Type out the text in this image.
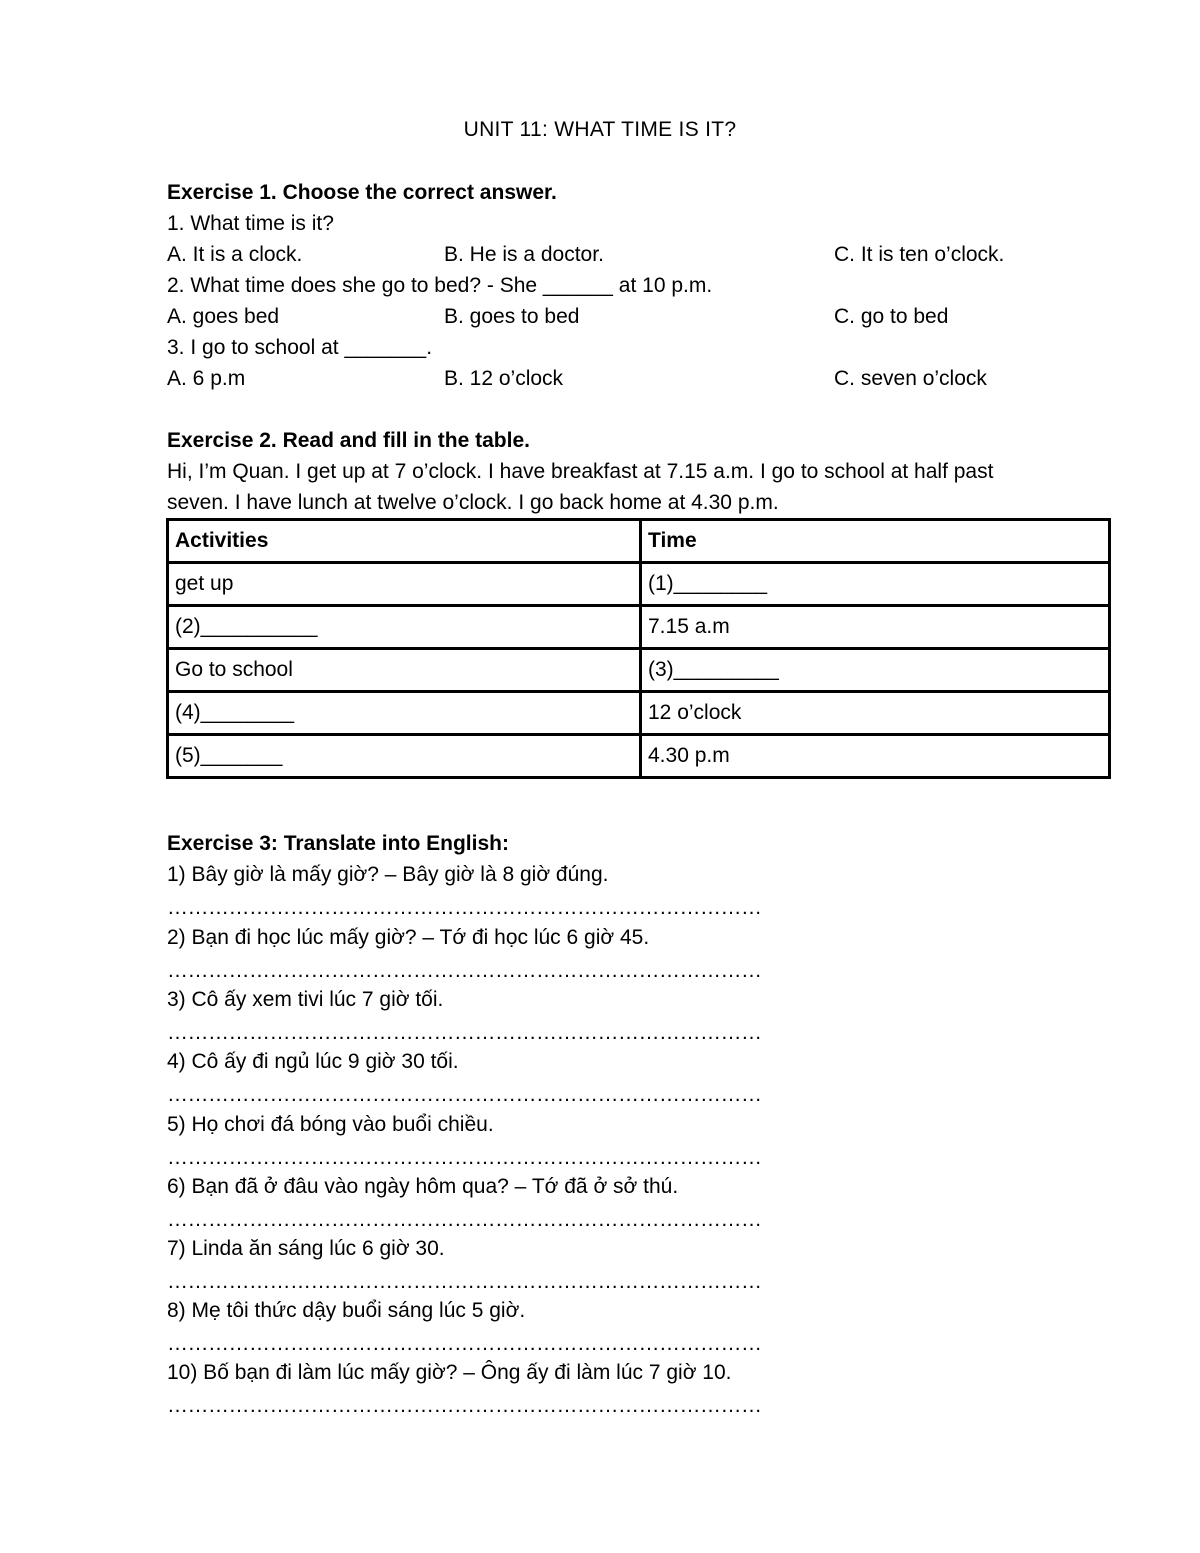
UNIT 11: WHAT TIME IS IT?
Exercise 1. Choose the correct answer.
1. What time is it?
A. It is a clock.	B. He is a doctor.	C. It is ten o’clock.
2. What time does she go to bed? - She ______ at 10 p.m.
A. goes bed	B. goes to bed	C. go to bed
3. I go to school at _______.
A. 6 p.m	B. 12 o’clock	C. seven o’clock
Exercise 2. Read and fill in the table.
Hi, I’m Quan. I get up at 7 o’clock. I have breakfast at 7.15 a.m. I go to school at half past
seven. I have lunch at twelve o’clock. I go back home at 4.30 p.m.
Activities	Time
get up	(1)________
(2)__________	7.15 a.m
Go to school	(3)_________
(4)________	12 o’clock
(5)_______	4.30 p.m
Exercise 3: Translate into English:
1) Bây giờ là mấy giờ? – Bây giờ là 8 giờ đúng.
……………………………………………………………………………
2) Bạn đi học lúc mấy giờ? – Tớ đi học lúc 6 giờ 45.
……………………………………………………………………………
3) Cô ấy xem tivi lúc 7 giờ tối.
……………………………………………………………………………
4) Cô ấy đi ngủ lúc 9 giờ 30 tối.
……………………………………………………………………………
5) Họ chơi đá bóng vào buổi chiều.
……………………………………………………………………………
6) Bạn đã ở đâu vào ngày hôm qua? – Tớ đã ở sở thú.
……………………………………………………………………………
7) Linda ăn sáng lúc 6 giờ 30.
……………………………………………………………………………
8) Mẹ tôi thức dậy buổi sáng lúc 5 giờ.
……………………………………………………………………………
10) Bố bạn đi làm lúc mấy giờ? – Ông ấy đi làm lúc 7 giờ 10.
……………………………………………………………………………
